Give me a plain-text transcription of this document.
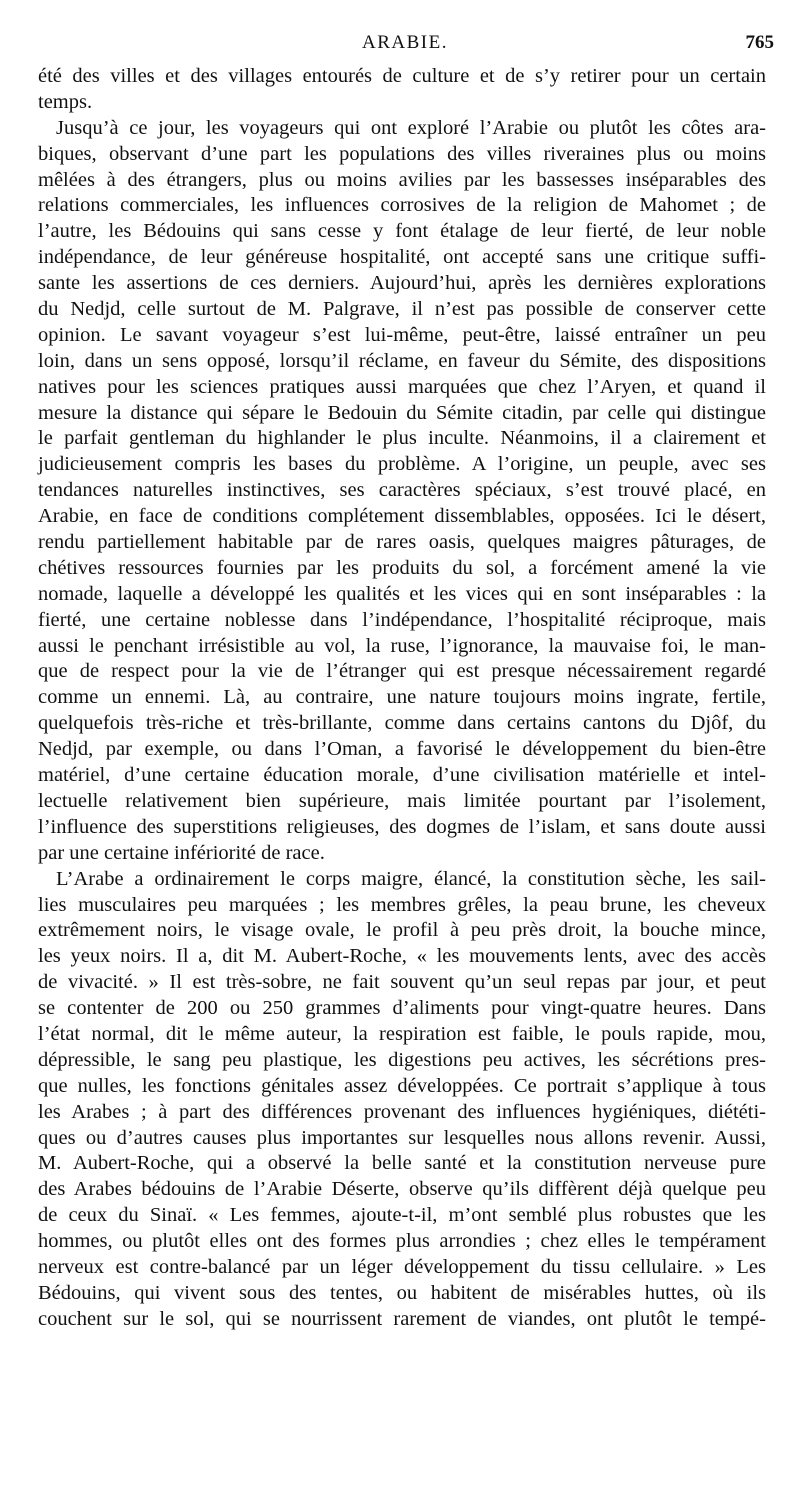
ARABIE.	765
été des villes et des villages entourés de culture et de s’y retirer pour un certain
temps.
Jusqu’à ce jour, les voyageurs qui ont exploré l’Arabie ou plutôt les côtes ara-
biques, observant d’une part les populations des villes riveraines plus ou moins
mêlées à des étrangers, plus ou moins avilies par les bassesses inséparables des
relations commerciales, les influences corrosives de la religion de Mahomet ; de
l’autre, les Bédouins qui sans cesse y font étalage de leur fierté, de leur noble
indépendance, de leur généreuse hospitalité, ont accepté sans une critique suffi-
sante les assertions de ces derniers. Aujourd’hui, après les dernières explorations
du Nedjd, celle surtout de M. Palgrave, il n’est pas possible de conserver cette
opinion. Le savant voyageur s’est lui-même, peut-être, laissé entraîner un peu
loin, dans un sens opposé, lorsqu’il réclame, en faveur du Sémite, des dispositions
natives pour les sciences pratiques aussi marquées que chez l’Aryen, et quand il
mesure la distance qui sépare le Bedouin du Sémite citadin, par celle qui distingue
le parfait gentleman du highlander le plus inculte. Néanmoins, il a clairement et
judicieusement compris les bases du problème. A l’origine, un peuple, avec ses
tendances naturelles instinctives, ses caractères spéciaux, s’est trouvé placé, en
Arabie, en face de conditions complétement dissemblables, opposées. Ici le désert,
rendu partiellement habitable par de rares oasis, quelques maigres pâturages, de
chétives ressources fournies par les produits du sol, a forcément amené la vie
nomade, laquelle a développé les qualités et les vices qui en sont inséparables : la
fierté, une certaine noblesse dans l’indépendance, l’hospitalité réciproque, mais
aussi le penchant irrésistible au vol, la ruse, l’ignorance, la mauvaise foi, le man-
que de respect pour la vie de l’étranger qui est presque nécessairement regardé
comme un ennemi. Là, au contraire, une nature toujours moins ingrate, fertile,
quelquefois très-riche et très-brillante, comme dans certains cantons du Djôf, du
Nedjd, par exemple, ou dans l’Oman, a favorisé le développement du bien-être
matériel, d’une certaine éducation morale, d’une civilisation matérielle et intel-
lectuelle relativement bien supérieure, mais limitée pourtant par l’isolement,
l’influence des superstitions religieuses, des dogmes de l’islam, et sans doute aussi
par une certaine infériorité de race.
L’Arabe a ordinairement le corps maigre, élancé, la constitution sèche, les sail-
lies musculaires peu marquées ; les membres grêles, la peau brune, les cheveux
extrêmement noirs, le visage ovale, le profil à peu près droit, la bouche mince,
les yeux noirs. Il a, dit M. Aubert-Roche, « les mouvements lents, avec des accès
de vivacité. » Il est très-sobre, ne fait souvent qu’un seul repas par jour, et peut
se contenter de 200 ou 250 grammes d’aliments pour vingt-quatre heures. Dans
l’état normal, dit le même auteur, la respiration est faible, le pouls rapide, mou,
dépressible, le sang peu plastique, les digestions peu actives, les sécrétions pres-
que nulles, les fonctions génitales assez développées. Ce portrait s’applique à tous
les Arabes ; à part des différences provenant des influences hygiéniques, diététi-
ques ou d’autres causes plus importantes sur lesquelles nous allons revenir. Aussi,
M. Aubert-Roche, qui a observé la belle santé et la constitution nerveuse pure
des Arabes bédouins de l’Arabie Déserte, observe qu’ils diffèrent déjà quelque peu
de ceux du Sinaï. « Les femmes, ajoute-t-il, m’ont semblé plus robustes que les
hommes, ou plutôt elles ont des formes plus arrondies ; chez elles le tempérament
nerveux est contre-balancé par un léger développement du tissu cellulaire. » Les
Bédouins, qui vivent sous des tentes, ou habitent de misérables huttes, où ils
couchent sur le sol, qui se nourrissent rarement de viandes, ont plutôt le tempé-
